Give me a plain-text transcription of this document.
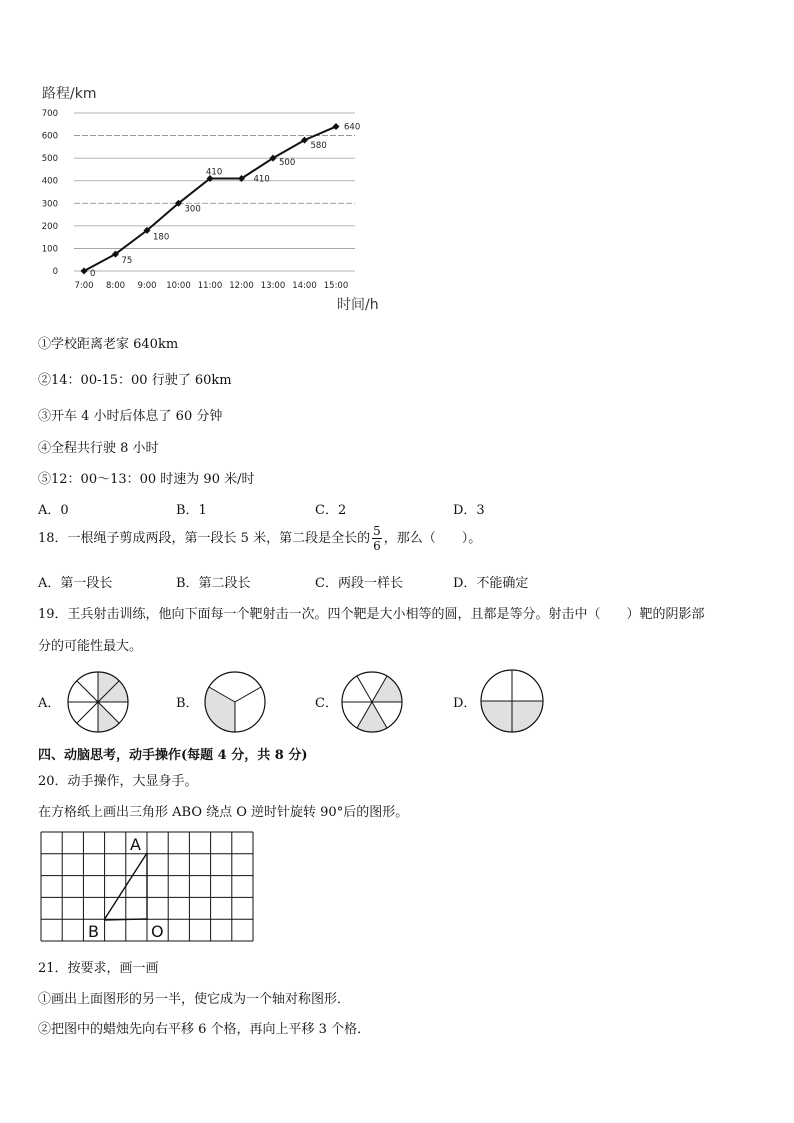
路程/km
0
100
200
300
400
500
600
700
7:00 8:00 9:00 10:00 11:00 12:00 13:00 14:00 15:00
0
75
180
300
410
410
500
580
640
时间/h
①学校距离老家 640km
②14：00-15：00 行驶了 60km
③开车 4 小时后体息了 60 分钟
④全程共行驶 8 小时
⑤12：00～13：00 时速为 90 米/时
A．0	B．1	C．2	D．3
18．一根绳子剪成两段，第一段长 5 米，第二段是全长的 $\frac{5}{6}$ ，那么（　　）。
A．第一段长	B．第二段长	C．两段一样长	D．不能确定
19．王兵射击训练，他向下面每一个靶射击一次。四个靶是大小相等的圆，且都是等分。射击中（　　）靶的阴影部
分的可能性最大。
A．	B．	C．	D．
四、动脑思考，动手操作(每题 4 分，共 8 分)
20．动手操作，大显身手。
在方格纸上画出三角形 ABO 绕点 O 逆时针旋转 90°后的图形。
A
B	O
21．按要求，画一画
①画出上面图形的另一半，使它成为一个轴对称图形．
②把图中的蜡烛先向右平移 6 个格，再向上平移 3 个格．
